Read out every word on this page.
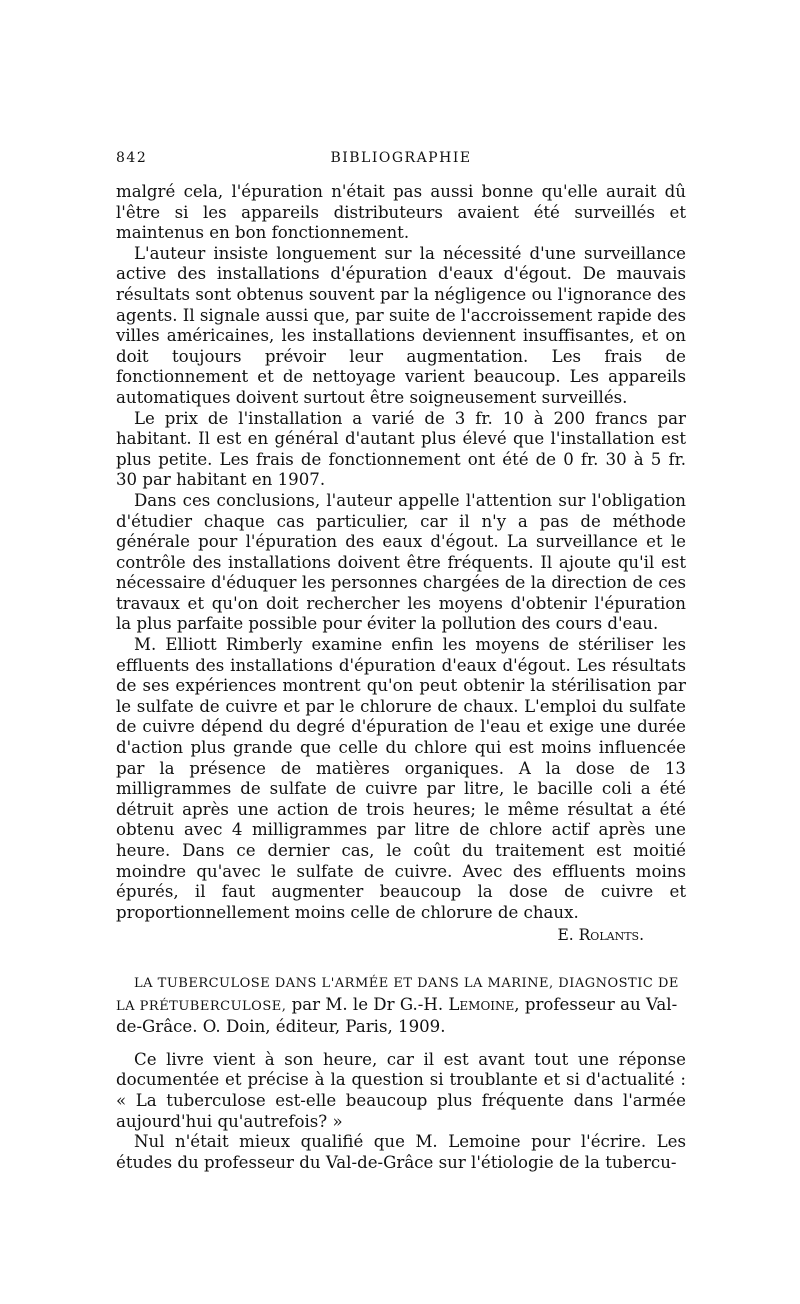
842	BIBLIOGRAPHIE

malgré cela, l'épuration n'était pas aussi bonne qu'elle aurait dû l'être si les appareils distributeurs avaient été surveillés et maintenus en bon fonctionnement.

L'auteur insiste longuement sur la nécessité d'une surveillance active des installations d'épuration d'eaux d'égout. De mauvais résultats sont obtenus souvent par la négligence ou l'ignorance des agents. Il signale aussi que, par suite de l'accroissement rapide des villes américaines, les installations deviennent insuffisantes, et on doit toujours prévoir leur augmentation. Les frais de fonctionnement et de nettoyage varient beaucoup. Les appareils automatiques doivent surtout être soigneusement surveillés.

Le prix de l'installation a varié de 3 fr. 10 à 200 francs par habitant. Il est en général d'autant plus élevé que l'installation est plus petite. Les frais de fonctionnement ont été de 0 fr. 30 à 5 fr. 30 par habitant en 1907.

Dans ces conclusions, l'auteur appelle l'attention sur l'obligation d'étudier chaque cas particulier, car il n'y a pas de méthode générale pour l'épuration des eaux d'égout. La surveillance et le contrôle des installations doivent être fréquents. Il ajoute qu'il est nécessaire d'éduquer les personnes chargées de la direction de ces travaux et qu'on doit rechercher les moyens d'obtenir l'épuration la plus parfaite possible pour éviter la pollution des cours d'eau.

M. Elliott Rimberly examine enfin les moyens de stériliser les effluents des installations d'épuration d'eaux d'égout. Les résultats de ses expériences montrent qu'on peut obtenir la stérilisation par le sulfate de cuivre et par le chlorure de chaux. L'emploi du sulfate de cuivre dépend du degré d'épuration de l'eau et exige une durée d'action plus grande que celle du chlore qui est moins influencée par la présence de matières organiques. A la dose de 13 milligrammes de sulfate de cuivre par litre, le bacille coli a été détruit après une action de trois heures; le même résultat a été obtenu avec 4 milligrammes par litre de chlore actif après une heure. Dans ce dernier cas, le coût du traitement est moitié moindre qu'avec le sulfate de cuivre. Avec des effluents moins épurés, il faut augmenter beaucoup la dose de cuivre et proportionnellement moins celle de chlorure de chaux.

E. Rolants.

LA TUBERCULOSE DANS L'ARMÉE ET DANS LA MARINE, DIAGNOSTIC DE LA PRÉTUBERCULOSE, par M. le Dr G.-H. Lemoine, professeur au Val-de-Grâce. O. Doin, éditeur, Paris, 1909.

Ce livre vient à son heure, car il est avant tout une réponse documentée et précise à la question si troublante et si d'actualité : « La tuberculose est-elle beaucoup plus fréquente dans l'armée aujourd'hui qu'autrefois? »

Nul n'était mieux qualifié que M. Lemoine pour l'écrire. Les études du professeur du Val-de-Grâce sur l'étiologie de la tubercu-
